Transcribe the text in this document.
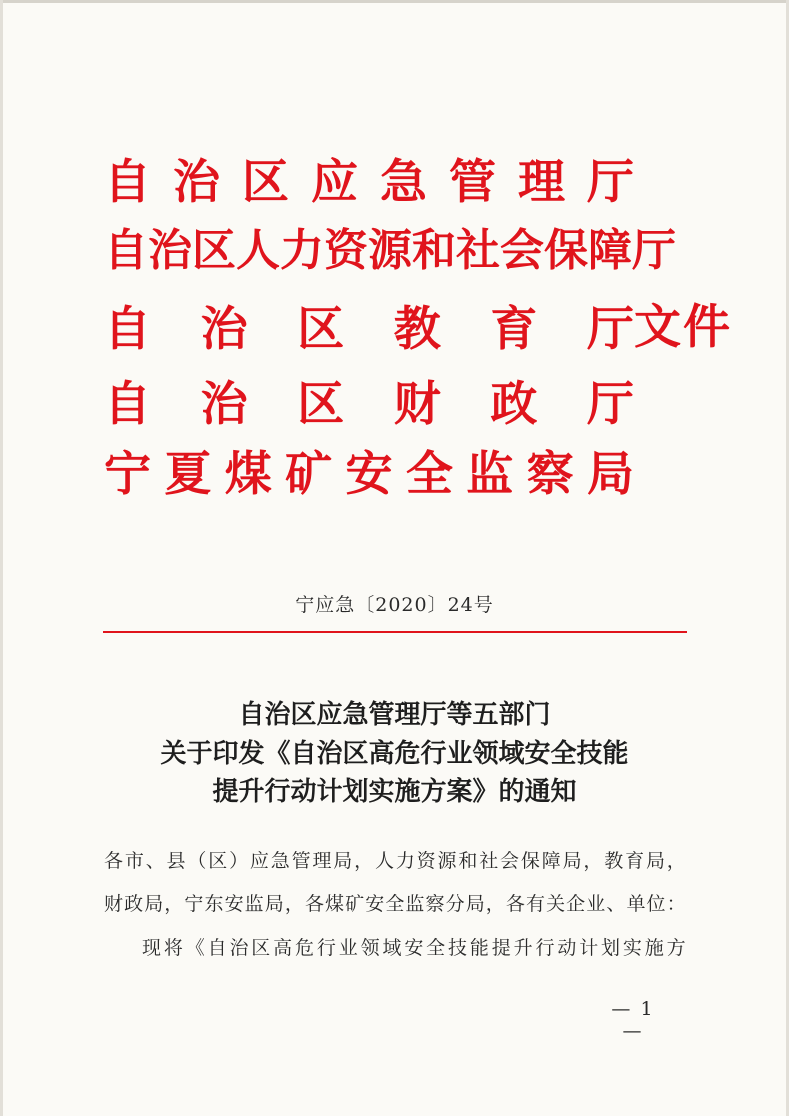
自 治 区 应 急 管 理 厅
自 治 区 人 力 资 源 和 社 会 保 障 厅
自 治 区 教 育 厅 文 件
自 治 区 财 政 厅
宁 夏 煤 矿 安 全 监 察 局
宁应急〔2020〕24号
自治区应急管理厅等五部门
关于印发《自治区高危行业领域安全技能
提升行动计划实施方案》的通知
各 市 、 县 （ 区 ） 应 急 管 理 局 ， 人 力 资 源 和 社 会 保 障 局 ， 教 育 局 ，
财 政 局 ， 宁 东 安 监 局 ， 各 煤 矿 安 全 监 察 分 局 ， 各 有 关 企 业 、 单 位 ：
现 将 《 自 治 区 高 危 行 业 领 域 安 全 技 能 提 升 行 动 计 划 实 施 方
— 1 —
